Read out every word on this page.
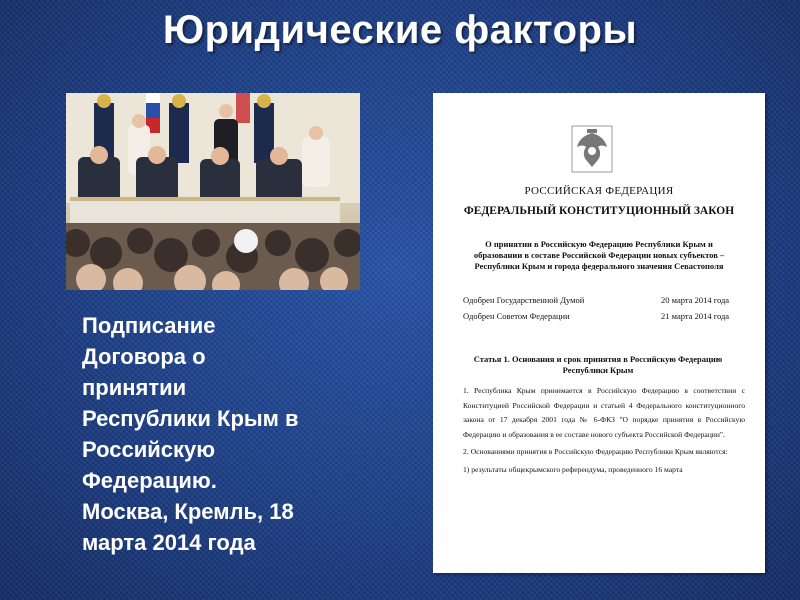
Юридические факторы
Подписание
Договора о
принятии
Республики Крым в
Российскую
Федерацию.
Москва, Кремль, 18
марта 2014 года
РОССИЙСКАЯ ФЕДЕРАЦИЯ
ФЕДЕРАЛЬНЫЙ КОНСТИТУЦИОННЫЙ ЗАКОН
О принятии в Российскую Федерацию Республики Крым и образовании в составе Российской Федерации новых субъектов – Республики Крым и города федерального значения Севастополя
Одобрен Государственной Думой	20 марта 2014 года
Одобрен Советом Федерации	21 марта 2014 года
Статья 1. Основания и срок принятия в Российскую Федерацию Республики Крым

1. Республика Крым принимается в Российскую Федерацию в соответствии с Конституцией Российской Федерации и статьей 4 Федерального конституционного закона от 17 декабря 2001 года № 6-ФКЗ "О порядке принятия в Российскую Федерацию и образования в ее составе нового субъекта Российской Федерации".

2. Основаниями принятия в Российскую Федерацию Республики Крым являются:

1) результаты общекрымского референдума, проведенного 16 марта
